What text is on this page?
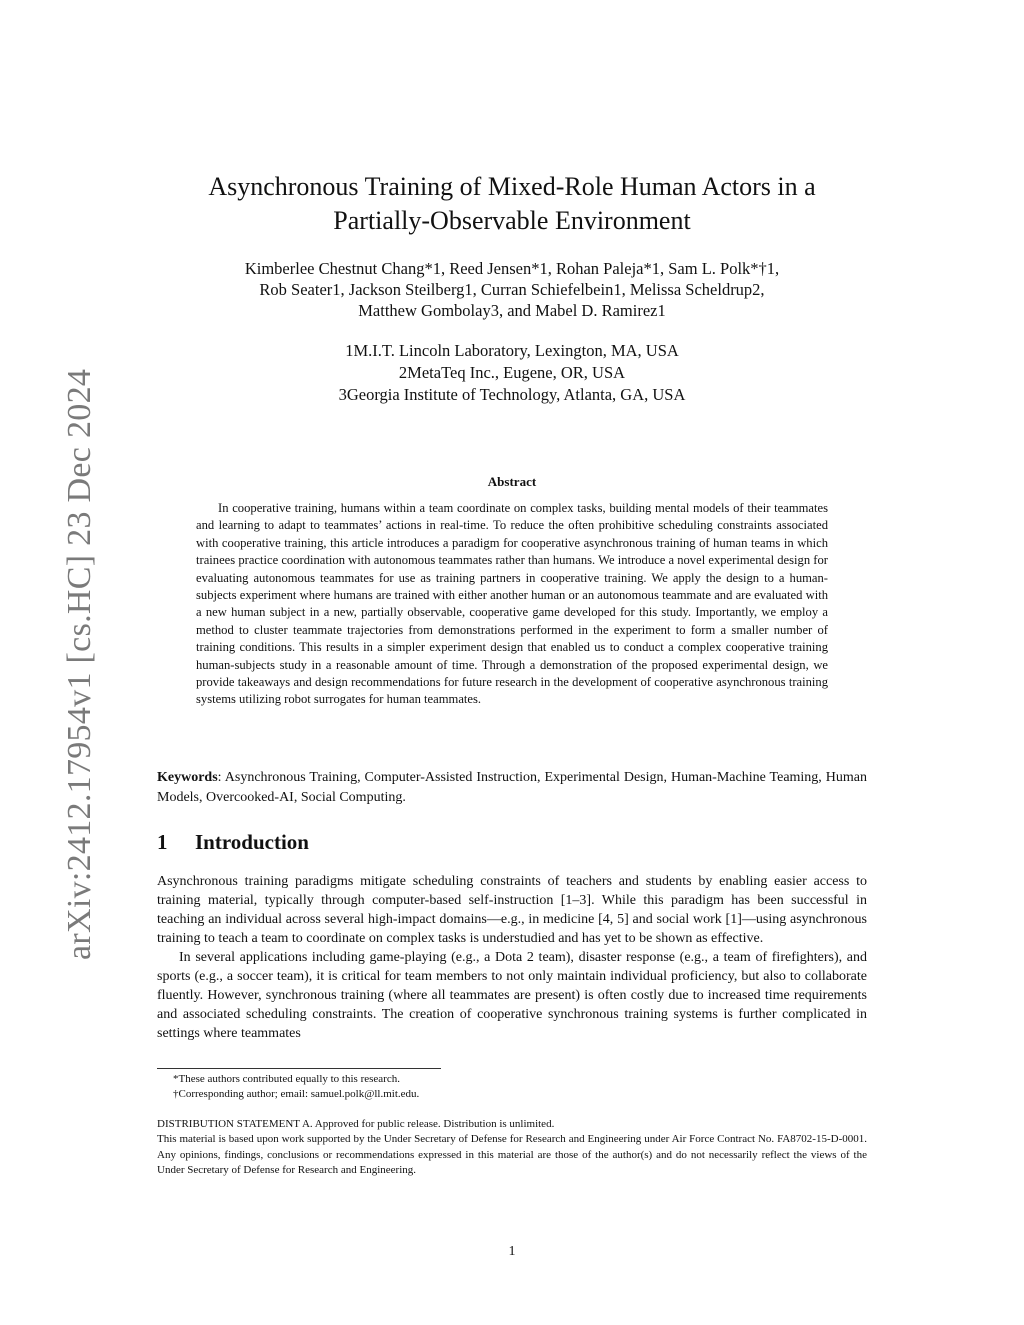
arXiv:2412.17954v1 [cs.HC] 23 Dec 2024
Asynchronous Training of Mixed-Role Human Actors in a
Partially-Observable Environment
Kimberlee Chestnut Chang*1, Reed Jensen*1, Rohan Paleja*1, Sam L. Polk*†1,
Rob Seater1, Jackson Steilberg1, Curran Schiefelbein1, Melissa Scheldrup2,
Matthew Gombolay3, and Mabel D. Ramirez1
1M.I.T. Lincoln Laboratory, Lexington, MA, USA
2MetaTeq Inc., Eugene, OR, USA
3Georgia Institute of Technology, Atlanta, GA, USA
Abstract

In cooperative training, humans within a team coordinate on complex tasks, building mental models of their teammates and learning to adapt to teammates’ actions in real-time. To reduce the often prohibitive scheduling constraints associated with cooperative training, this article introduces a paradigm for cooperative asynchronous training of human teams in which trainees practice coordination with autonomous teammates rather than humans. We introduce a novel experimental design for evaluating autonomous teammates for use as training partners in cooperative training. We apply the design to a human-subjects experiment where humans are trained with either another human or an autonomous teammate and are evaluated with a new human subject in a new, partially observable, cooperative game developed for this study. Importantly, we employ a method to cluster teammate trajectories from demonstrations performed in the experiment to form a smaller number of training conditions. This results in a simpler experiment design that enabled us to conduct a complex cooperative training human-subjects study in a reasonable amount of time. Through a demonstration of the proposed experimental design, we provide takeaways and design recommendations for future research in the development of cooperative asynchronous training systems utilizing robot surrogates for human teammates.

Keywords: Asynchronous Training, Computer-Assisted Instruction, Experimental Design, Human-Machine Teaming, Human Models, Overcooked-AI, Social Computing.

1 Introduction

Asynchronous training paradigms mitigate scheduling constraints of teachers and students by enabling easier access to training material, typically through computer-based self-instruction [1–3]. While this paradigm has been successful in teaching an individual across several high-impact domains—e.g., in medicine [4, 5] and social work [1]—using asynchronous training to teach a team to coordinate on complex tasks is understudied and has yet to be shown as effective.

In several applications including game-playing (e.g., a Dota 2 team), disaster response (e.g., a team of firefighters), and sports (e.g., a soccer team), it is critical for team members to not only maintain individual proficiency, but also to collaborate fluently. However, synchronous training (where all teammates are present) is often costly due to increased time requirements and associated scheduling constraints. The creation of cooperative synchronous training systems is further complicated in settings where teammates

*These authors contributed equally to this research.
†Corresponding author; email: samuel.polk@ll.mit.edu.

DISTRIBUTION STATEMENT A. Approved for public release. Distribution is unlimited.

This material is based upon work supported by the Under Secretary of Defense for Research and Engineering under Air Force Contract No. FA8702-15-D-0001. Any opinions, findings, conclusions or recommendations expressed in this material are those of the author(s) and do not necessarily reflect the views of the Under Secretary of Defense for Research and Engineering.

1
